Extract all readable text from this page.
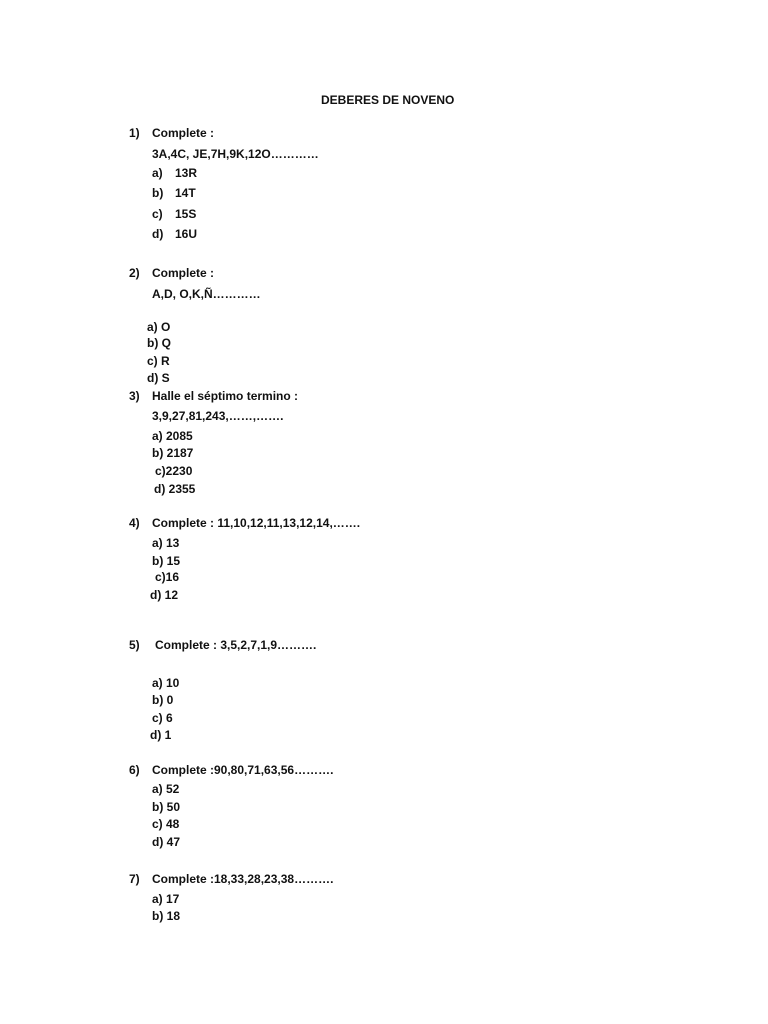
DEBERES DE NOVENO
1) Complete :
3A,4C, JE,7H,9K,12O…………
a) 13R
b) 14T
c) 15S
d) 16U
2) Complete :
A,D, O,K,Ñ…………
a) O
b) Q
c) R
d) S
3) Halle el séptimo termino :
3,9,27,81,243,……,…….
a) 2085
b) 2187
c)2230
d) 2355
4) Complete : 11,10,12,11,13,12,14,…….
a) 13
b) 15
c)16
d) 12
5) Complete : 3,5,2,7,1,9……….
a) 10
b) 0
c) 6
d) 1
6) Complete :90,80,71,63,56……….
a) 52
b) 50
c) 48
d) 47
7) Complete :18,33,28,23,38……….
a) 17
b) 18
